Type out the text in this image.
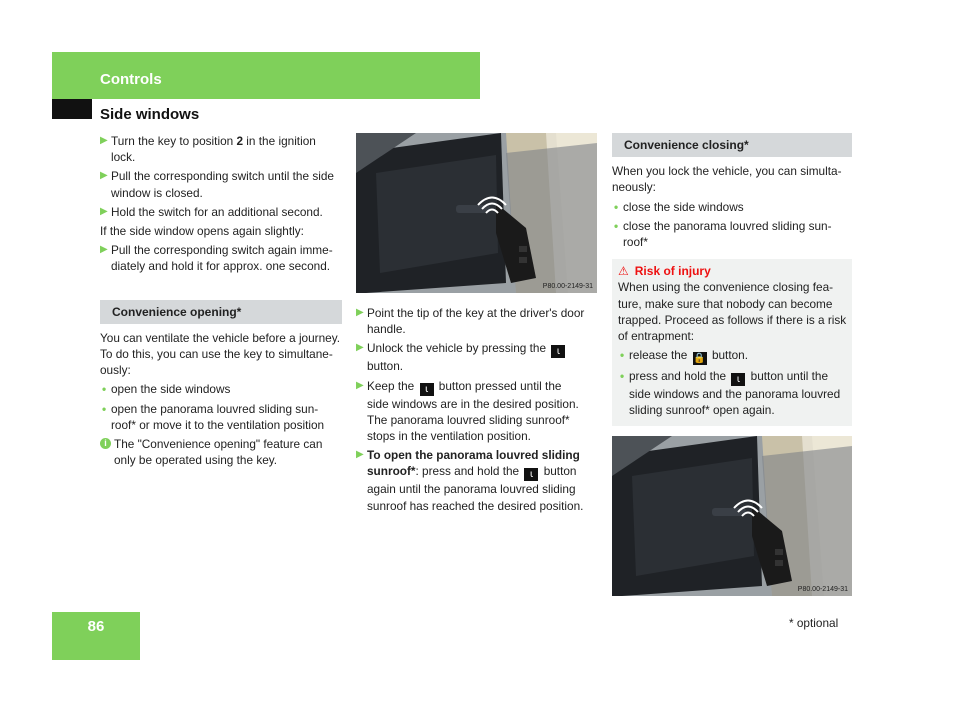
Controls
Side windows
▶ Turn the key to position 2 in the ignition
lock.
▶ Pull the corresponding switch until the side
window is closed.
▶ Hold the switch for an additional second.

If the side window opens again slightly:

▶ Pull the corresponding switch again imme-
diately and hold it for approx. one second.
Convenience opening*

You can ventilate the vehicle before a journey.
To do this, you can use the key to simultane-
ously:

• open the side windows
• open the panorama louvred sliding sun-
roof* or move it to the ventilation position
i The "Convenience opening" feature can
only be operated using the key.
P80.00-2149-31
▶ Point the tip of the key at the driver's door
handle.
▶ Unlock the vehicle by pressing the ⍳
button.
▶ Keep the ⍳ button pressed until the
side windows are in the desired position.
The panorama louvred sliding sunroof*
stops in the ventilation position.
▶ To open the panorama louvred sliding
sunroof*: press and hold the ⍳ button
again until the panorama louvred sliding
sunroof has reached the desired position.
Convenience closing*

When you lock the vehicle, you can simulta-
neously:

• close the side windows
• close the panorama louvred sliding sun-
roof*
⚠ Risk of injury

When using the convenience closing fea-
ture, make sure that nobody can become
trapped. Proceed as follows if there is a risk
of entrapment:

• release the 🔒 button.
• press and hold the ⍳ button until the
side windows and the panorama louvred
sliding sunroof* open again.
P80.00-2149-31
86	* optional
